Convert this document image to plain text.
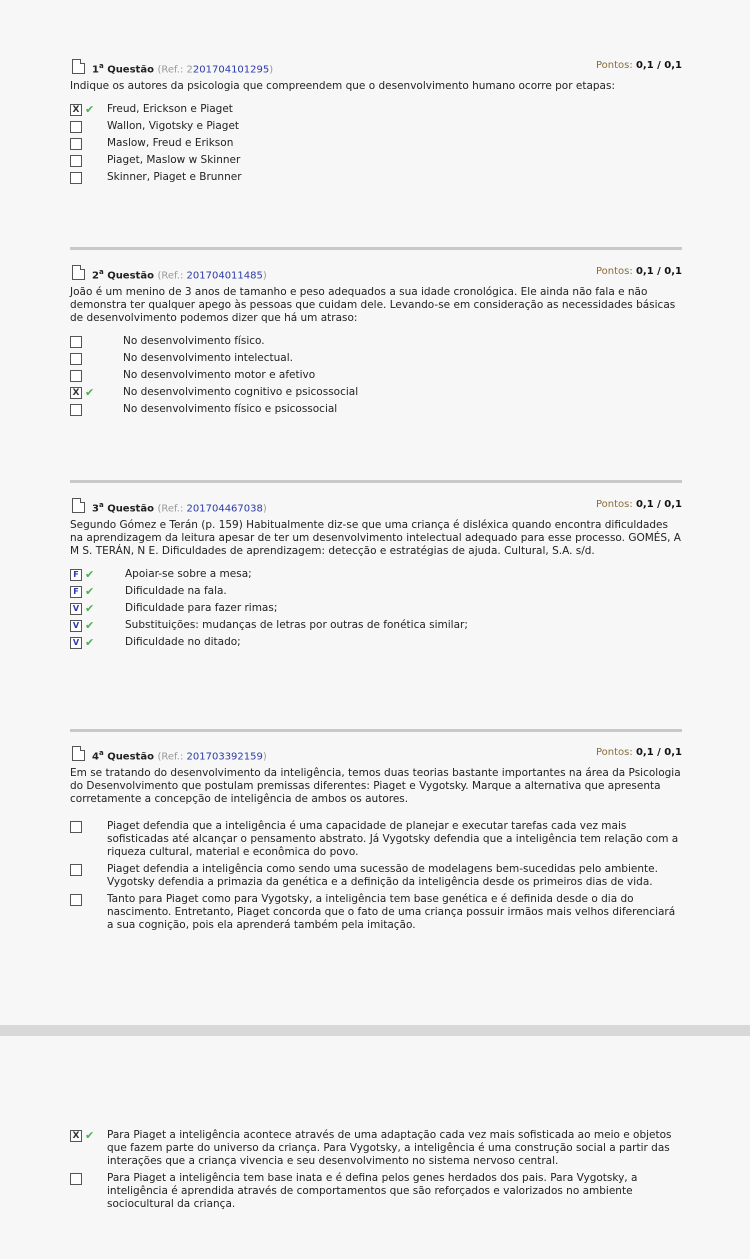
1$^a$ Questão (Ref.: 2201704101295)	Pontos: 0,1 / 0,1
Indique os autores da psicologia que compreendem que o desenvolvimento humano ocorre por etapas:
X ✔ Freud, Erickson e Piaget
Wallon, Vigotsky e Piaget
Maslow, Freud e Erikson
Piaget, Maslow w Skinner
Skinner, Piaget e Brunner
2$^a$ Questão (Ref.: 201704011485)	Pontos: 0,1 / 0,1
João é um menino de 3 anos de tamanho e peso adequados a sua idade cronológica. Ele ainda não fala e não demonstra ter qualquer apego às pessoas que cuidam dele. Levando-se em consideração as necessidades básicas de desenvolvimento podemos dizer que há um atraso:
No desenvolvimento físico.
No desenvolvimento intelectual.
No desenvolvimento motor e afetivo
X ✔	No desenvolvimento cognitivo e psicossocial
No desenvolvimento físico e psicossocial
3$^a$ Questão (Ref.: 201704467038)	Pontos: 0,1 / 0,1
Segundo Gómez e Terán (p. 159) Habitualmente diz-se que uma criança é disléxica quando encontra dificuldades na aprendizagem da leitura apesar de ter um desenvolvimento intelectual adequado para esse processo. GOMÉS, A M S. TERÁN, N E. Dificuldades de aprendizagem: detecção e estratégias de ajuda. Cultural, S.A. s/d.
F ✔	Apoiar-se sobre a mesa;
F ✔	Dificuldade na fala.
V ✔	Dificuldade para fazer rimas;
V ✔	Substituições: mudanças de letras por outras de fonética similar;
V ✔	Dificuldade no ditado;
4$^a$ Questão (Ref.: 201703392159)	Pontos: 0,1 / 0,1
Em se tratando do desenvolvimento da inteligência, temos duas teorias bastante importantes na área da Psicologia do Desenvolvimento que postulam premissas diferentes: Piaget e Vygotsky. Marque a alternativa que apresenta corretamente a concepção de inteligência de ambos os autores.
Piaget defendia que a inteligência é uma capacidade de planejar e executar tarefas cada vez mais sofisticadas até alcançar o pensamento abstrato. Já Vygotsky defendia que a inteligência tem relação com a riqueza cultural, material e econômica do povo.
Piaget defendia a inteligência como sendo uma sucessão de modelagens bem-sucedidas pelo ambiente. Vygotsky defendia a primazia da genética e a definição da inteligência desde os primeiros dias de vida.
Tanto para Piaget como para Vygotsky, a inteligência tem base genética e é definida desde o dia do nascimento. Entretanto, Piaget concorda que o fato de uma criança possuir irmãos mais velhos diferenciará a sua cognição, pois ela aprenderá também pela imitação.
X ✔ Para Piaget a inteligência acontece através de uma adaptação cada vez mais sofisticada ao meio e objetos que fazem parte do universo da criança. Para Vygotsky, a inteligência é uma construção social a partir das interações que a criança vivencia e seu desenvolvimento no sistema nervoso central.
Para Piaget a inteligência tem base inata e é defina pelos genes herdados dos pais. Para Vygotsky, a inteligência é aprendida através de comportamentos que são reforçados e valorizados no ambiente sociocultural da criança.
